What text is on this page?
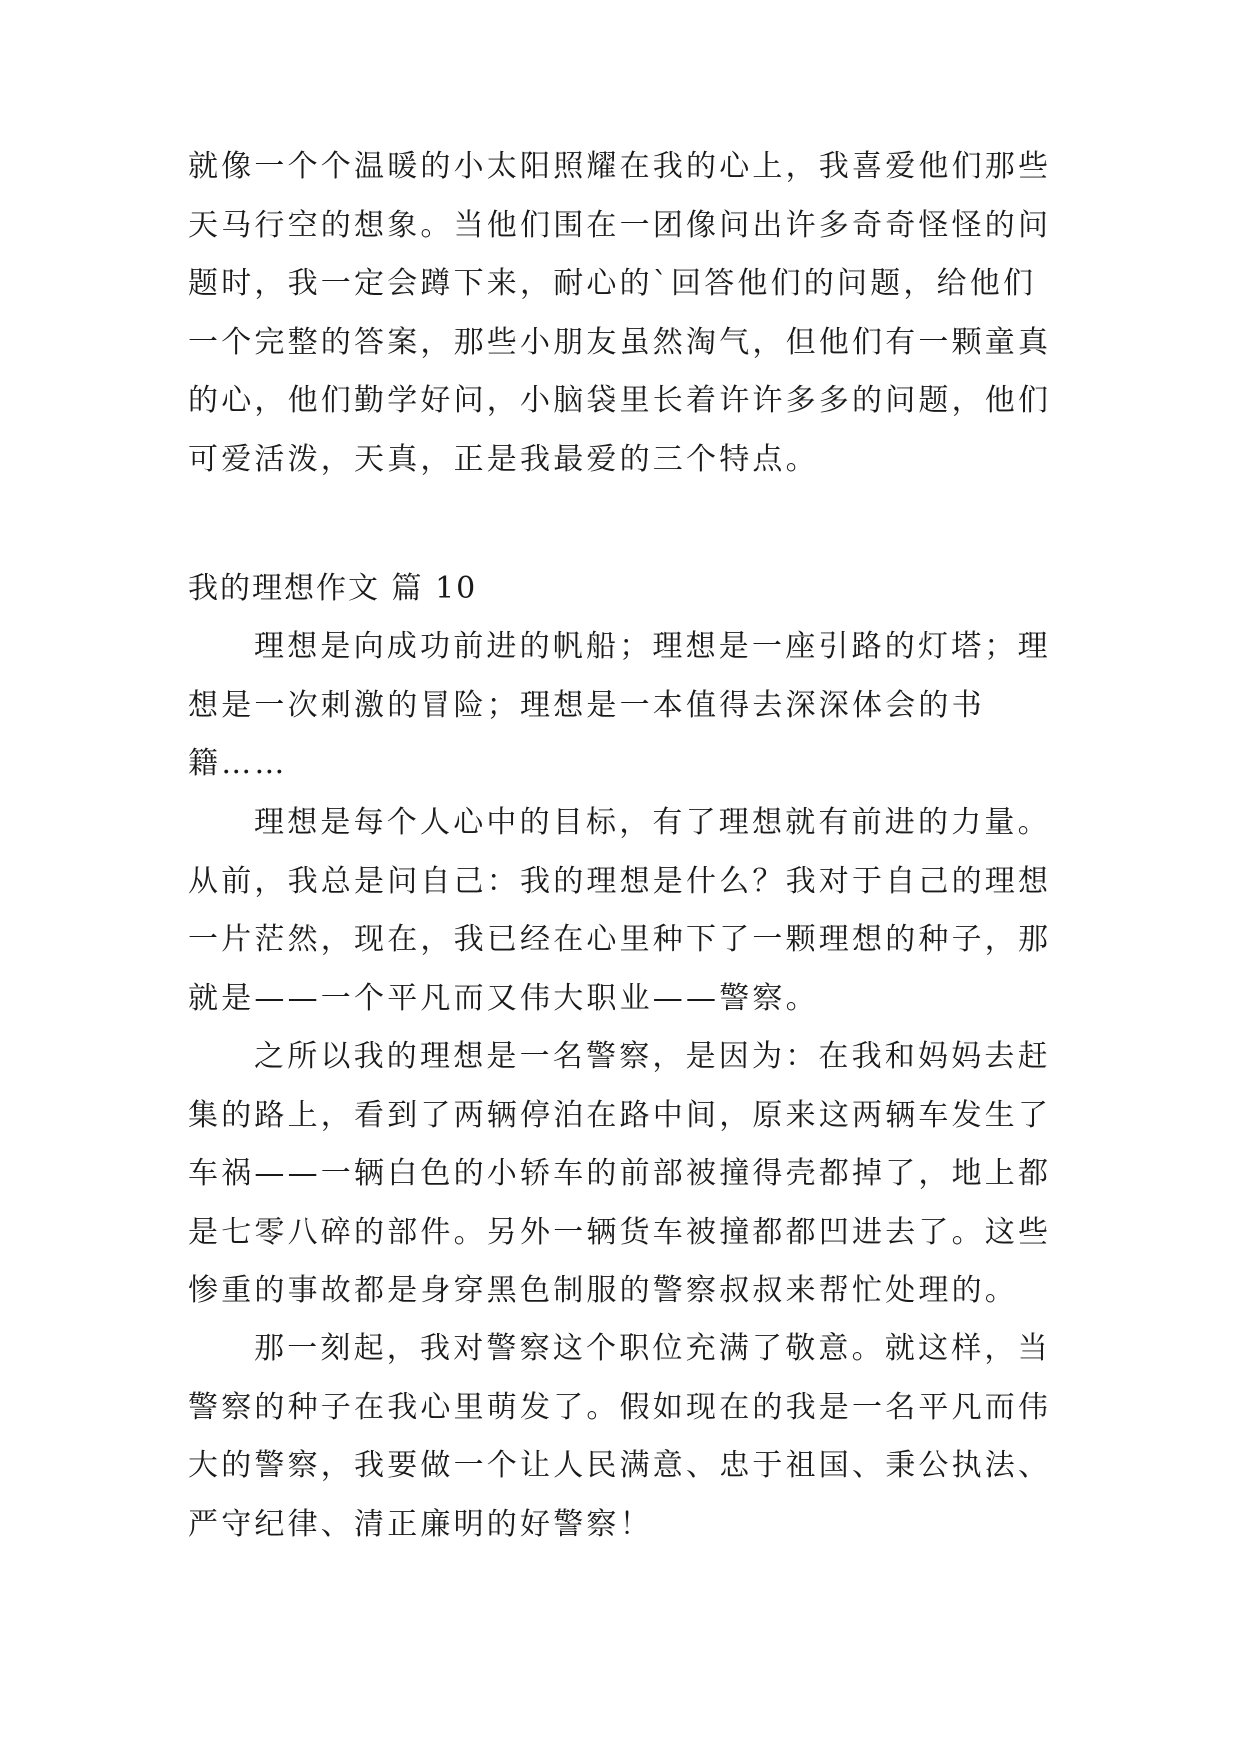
就像一个个温暖的小太阳照耀在我的心上，我喜爱他们那些
天马行空的想象。当他们围在一团像问出许多奇奇怪怪的问
题时，我一定会蹲下来，耐心的`回答他们的问题，给他们
一个完整的答案，那些小朋友虽然淘气，但他们有一颗童真
的心，他们勤学好问，小脑袋里长着许许多多的问题，他们
可爱活泼，天真，正是我最爱的三个特点。
我的理想作文 篇 10
理想是向成功前进的帆船；理想是一座引路的灯塔；理
想是一次刺激的冒险；理想是一本值得去深深体会的书
籍……
理想是每个人心中的目标，有了理想就有前进的力量。
从前，我总是问自己：我的理想是什么？我对于自己的理想
一片茫然，现在，我已经在心里种下了一颗理想的种子，那
就是——一个平凡而又伟大职业——警察。
之所以我的理想是一名警察，是因为：在我和妈妈去赶
集的路上，看到了两辆停泊在路中间，原来这两辆车发生了
车祸——一辆白色的小轿车的前部被撞得壳都掉了，地上都
是七零八碎的部件。另外一辆货车被撞都都凹进去了。这些
惨重的事故都是身穿黑色制服的警察叔叔来帮忙处理的。
那一刻起，我对警察这个职位充满了敬意。就这样，当
警察的种子在我心里萌发了。假如现在的我是一名平凡而伟
大的警察，我要做一个让人民满意、忠于祖国、秉公执法、
严守纪律、清正廉明的好警察！
